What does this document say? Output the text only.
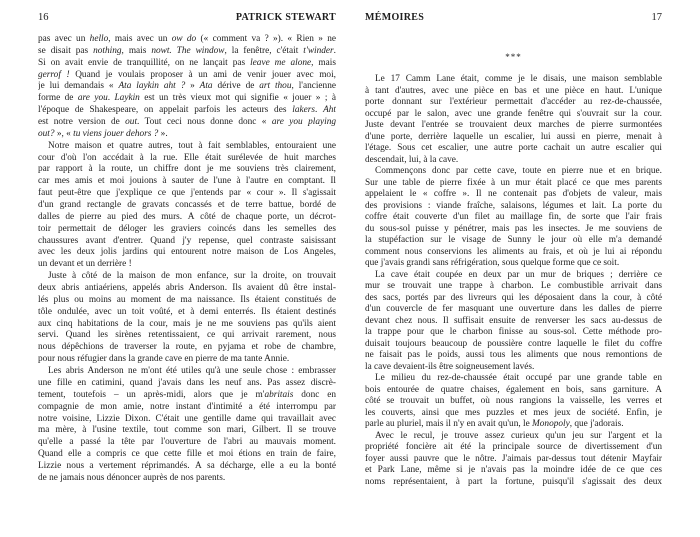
16	PATRICK STEWART
pas avec un hello, mais avec un ow do (« comment va ? »). « Rien » ne
se disait pas nothing, mais nowt. The window, la fenêtre, c'était t'winder.
Si on avait envie de tranquillité, on ne lançait pas leave me alone, mais
gerrof ! Quand je voulais proposer à un ami de venir jouer avec moi,
je lui demandais « Ata laykin aht ? » Ata dérive de art thou, l'ancienne
forme de are you. Laykin est un très vieux mot qui signifie « jouer » ; à
l'époque de Shakespeare, on appelait parfois les acteurs des lakers. Aht
est notre version de out. Tout ceci nous donne donc « are you playing
out? », « tu viens jouer dehors ? ».
Notre maison et quatre autres, tout à fait semblables, entouraient une
cour d'où l'on accédait à la rue. Elle était surélevée de huit marches
par rapport à la route, un chiffre dont je me souviens très clairement,
car mes amis et moi jouions à sauter de l'une à l'autre en comptant. Il
faut peut-être que j'explique ce que j'entends par « cour ». Il s'agissait
d'un grand rectangle de gravats concassés et de terre battue, bordé de
dalles de pierre au pied des murs. À côté de chaque porte, un décrot-
toir permettait de déloger les graviers coincés dans les semelles des
chaussures avant d'entrer. Quand j'y repense, quel contraste saisissant
avec les deux jolis jardins qui entourent notre maison de Los Angeles,
un devant et un derrière !
Juste à côté de la maison de mon enfance, sur la droite, on trouvait
deux abris antiaériens, appelés abris Anderson. Ils avaient dû être instal-
lés plus ou moins au moment de ma naissance. Ils étaient constitués de
tôle ondulée, avec un toit voûté, et à demi enterrés. Ils étaient destinés
aux cinq habitations de la cour, mais je ne me souviens pas qu'ils aient
servi. Quand les sirènes retentissaient, ce qui arrivait rarement, nous
nous dépêchions de traverser la route, en pyjama et robe de chambre,
pour nous réfugier dans la grande cave en pierre de ma tante Annie.
Les abris Anderson ne m'ont été utiles qu'à une seule chose : embrasser
une fille en catimini, quand j'avais dans les neuf ans. Pas assez discrè-
tement, toutefois – un après-midi, alors que je m'abritais donc en
compagnie de mon amie, notre instant d'intimité a été interrompu par
notre voisine, Lizzie Dixon. C'était une gentille dame qui travaillait avec
ma mère, à l'usine textile, tout comme son mari, Gilbert. Il se trouve
qu'elle a passé la tête par l'ouverture de l'abri au mauvais moment.
Quand elle a compris ce que cette fille et moi étions en train de faire,
Lizzie nous a vertement réprimandés. À sa décharge, elle a eu la bonté
de ne jamais nous dénoncer auprès de nos parents.
MÉMOIRES	17
***
Le 17 Camm Lane était, comme je le disais, une maison semblable
à tant d'autres, avec une pièce en bas et une pièce en haut. L'unique
porte donnant sur l'extérieur permettait d'accéder au rez-de-chaussée,
occupé par le salon, avec une grande fenêtre qui s'ouvrait sur la cour.
Juste devant l'entrée se trouvaient deux marches de pierre surmontées
d'une porte, derrière laquelle un escalier, lui aussi en pierre, menait à
l'étage. Sous cet escalier, une autre porte cachait un autre escalier qui
descendait, lui, à la cave.
Commençons donc par cette cave, toute en pierre nue et en brique.
Sur une table de pierre fixée à un mur était placé ce que mes parents
appelaient le « coffre ». Il ne contenait pas d'objets de valeur, mais
des provisions : viande fraîche, salaisons, légumes et lait. La porte du
coffre était couverte d'un filet au maillage fin, de sorte que l'air frais
du sous-sol puisse y pénétrer, mais pas les insectes. Je me souviens de
la stupéfaction sur le visage de Sunny le jour où elle m'a demandé
comment nous conservions les aliments au frais, et où je lui ai répondu
que j'avais grandi sans réfrigération, sous quelque forme que ce soit.
La cave était coupée en deux par un mur de briques ; derrière ce
mur se trouvait une trappe à charbon. Le combustible arrivait dans
des sacs, portés par des livreurs qui les déposaient dans la cour, à côté
d'un couvercle de fer masquant une ouverture dans les dalles de pierre
devant chez nous. Il suffisait ensuite de renverser les sacs au-dessus de
la trappe pour que le charbon finisse au sous-sol. Cette méthode pro-
duisait toujours beaucoup de poussière contre laquelle le filet du coffre
ne faisait pas le poids, aussi tous les aliments que nous remontions de
la cave devaient-ils être soigneusement lavés.
Le milieu du rez-de-chaussée était occupé par une grande table en
bois entourée de quatre chaises, également en bois, sans garniture. À
côté se trouvait un buffet, où nous rangions la vaisselle, les verres et
les couverts, ainsi que mes puzzles et mes jeux de société. Enfin, je
parle au pluriel, mais il n'y en avait qu'un, le Monopoly, que j'adorais.
Avec le recul, je trouve assez curieux qu'un jeu sur l'argent et la
propriété foncière ait été la principale source de divertissement d'un
foyer aussi pauvre que le nôtre. J'aimais par-dessus tout détenir Mayfair
et Park Lane, même si je n'avais pas la moindre idée de ce que ces
noms représentaient, à part la fortune, puisqu'il s'agissait des deux
